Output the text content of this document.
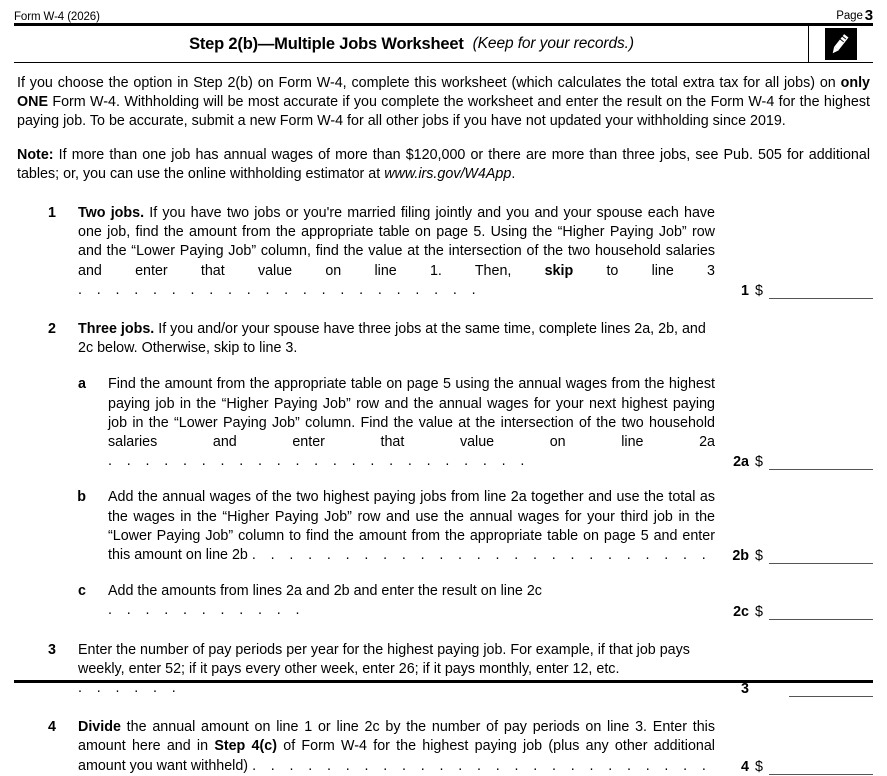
Form W-4 (2026)	Page 3
Step 2(b)—Multiple Jobs Worksheet (Keep for your records.)

If you choose the option in Step 2(b) on Form W-4, complete this worksheet (which calculates the total extra tax for all jobs) on only ONE Form W-4. Withholding will be most accurate if you complete the worksheet and enter the result on the Form W-4 for the highest paying job. To be accurate, submit a new Form W-4 for all other jobs if you have not updated your withholding since 2019.

Note: If more than one job has annual wages of more than $120,000 or there are more than three jobs, see Pub. 505 for additional tables; or, you can use the online withholding estimator at www.irs.gov/W4App.

1	Two jobs. If you have two jobs or you're married filing jointly and you and your spouse each have one job, find the amount from the appropriate table on page 5. Using the “Higher Paying Job” row and the “Lower Paying Job” column, find the value at the intersection of the two household salaries and enter that value on line 1. Then, skip to line 3 . . . . . . . . . . . . . . . . . . . . . .	1 $
2	Three jobs. If you and/or your spouse have three jobs at the same time, complete lines 2a, 2b, and 2c below. Otherwise, skip to line 3.
a	Find the amount from the appropriate table on page 5 using the annual wages from the highest paying job in the “Higher Paying Job” row and the annual wages for your next highest paying job in the “Lower Paying Job” column. Find the value at the intersection of the two household salaries and enter that value on line 2a . . . . . . . . . . . . . . . . . . . . . . .	2a $
b	Add the annual wages of the two highest paying jobs from line 2a together and use the total as the wages in the “Higher Paying Job” row and use the annual wages for your third job in the “Lower Paying Job” column to find the amount from the appropriate table on page 5 and enter this amount on line 2b . . . . . . . . . . . . . . . . . . . . . . . . .	2b $
c	Add the amounts from lines 2a and 2b and enter the result on line 2c . . . . . . . . . . .	2c $
3	Enter the number of pay periods per year for the highest paying job. For example, if that job pays weekly, enter 52; if it pays every other week, enter 26; if it pays monthly, enter 12, etc. . . . . . .	3
4	Divide the annual amount on line 1 or line 2c by the number of pay periods on line 3. Enter this amount here and in Step 4(c) of Form W-4 for the highest paying job (plus any other additional amount you want withheld) . . . . . . . . . . . . . . . . . . . . . . . . .	4 $
